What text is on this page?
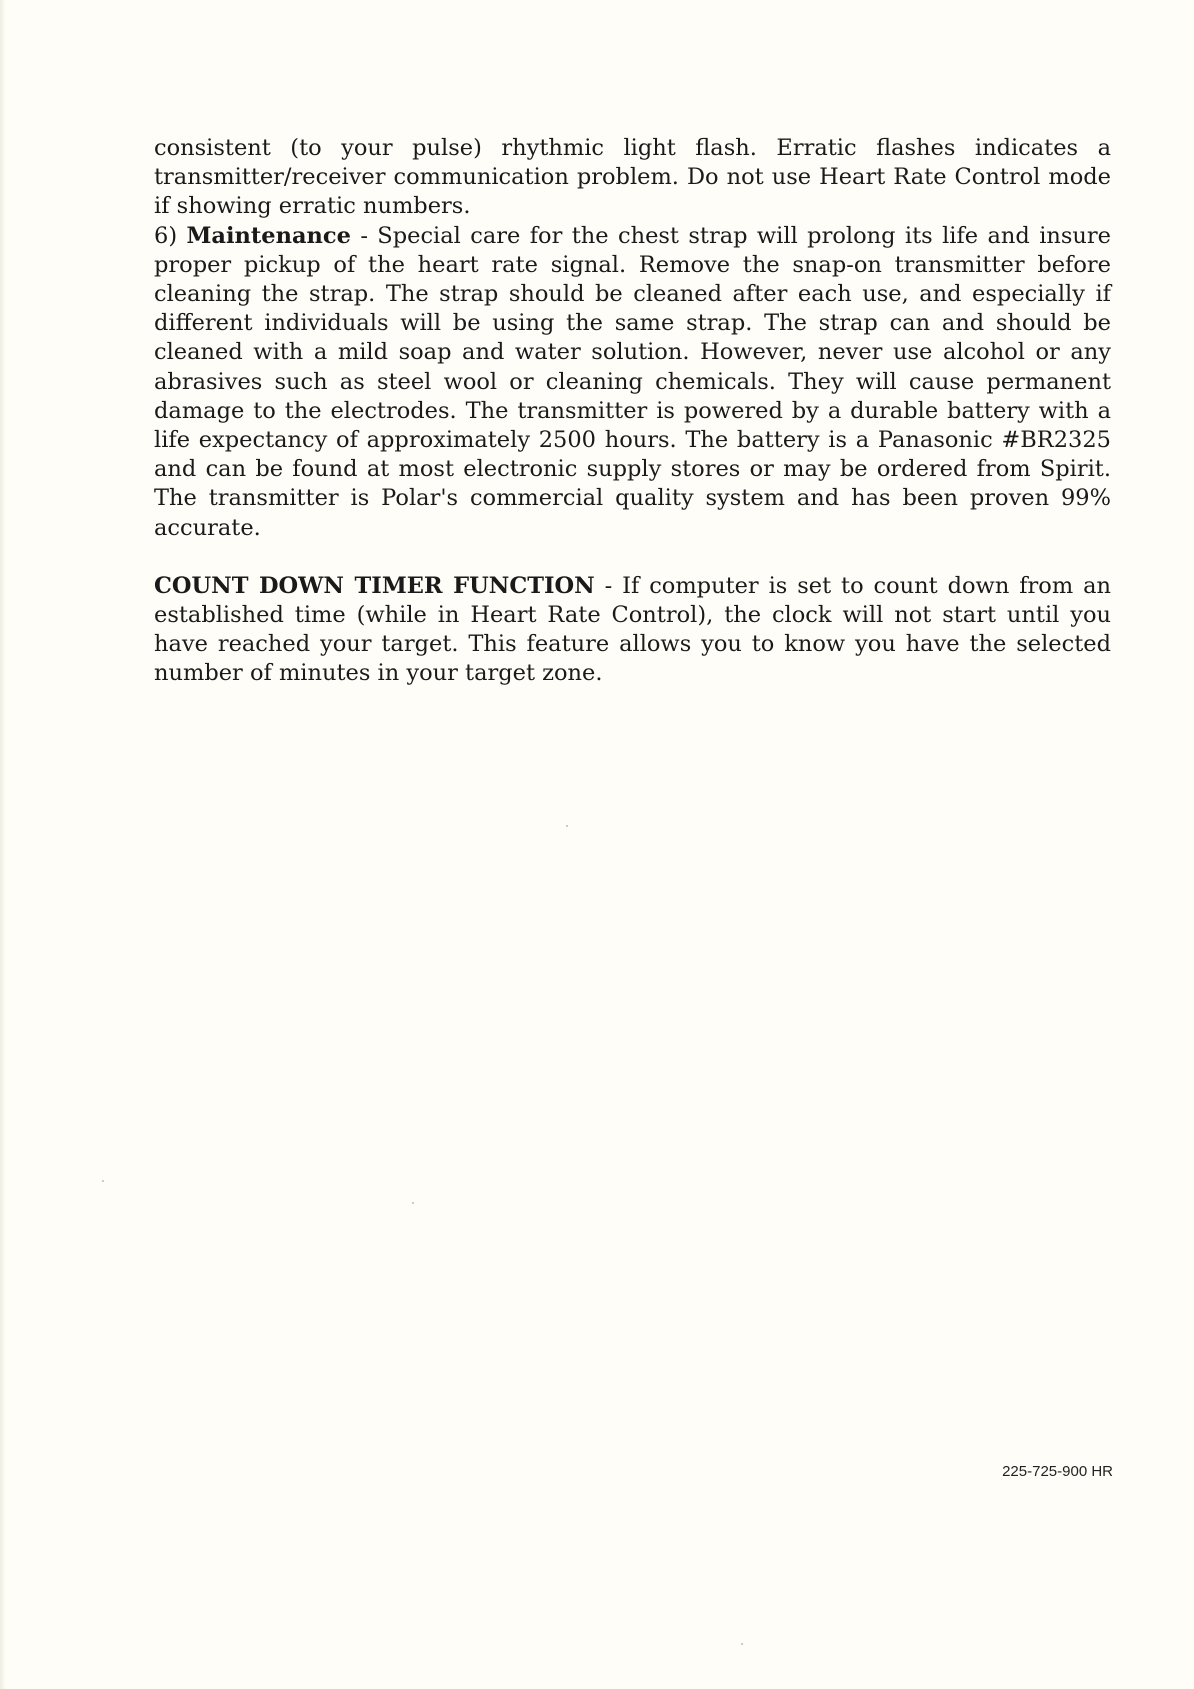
consistent (to your pulse) rhythmic light flash. Erratic flashes indicates a transmitter/receiver communication problem. Do not use Heart Rate Control mode if showing erratic numbers.

6) Maintenance - Special care for the chest strap will prolong its life and insure proper pickup of the heart rate signal. Remove the snap-on transmitter before cleaning the strap. The strap should be cleaned after each use, and especially if different individuals will be using the same strap. The strap can and should be cleaned with a mild soap and water solution. However, never use alcohol or any abrasives such as steel wool or cleaning chemicals. They will cause permanent damage to the electrodes. The transmitter is powered by a durable battery with a life expectancy of approximately 2500 hours. The battery is a Panasonic #BR2325 and can be found at most electronic supply stores or may be ordered from Spirit. The transmitter is Polar's commercial quality system and has been proven 99% accurate.

COUNT DOWN TIMER FUNCTION - If computer is set to count down from an established time (while in Heart Rate Control), the clock will not start until you have reached your target. This feature allows you to know you have the selected number of minutes in your target zone.

225-725-900 HR
